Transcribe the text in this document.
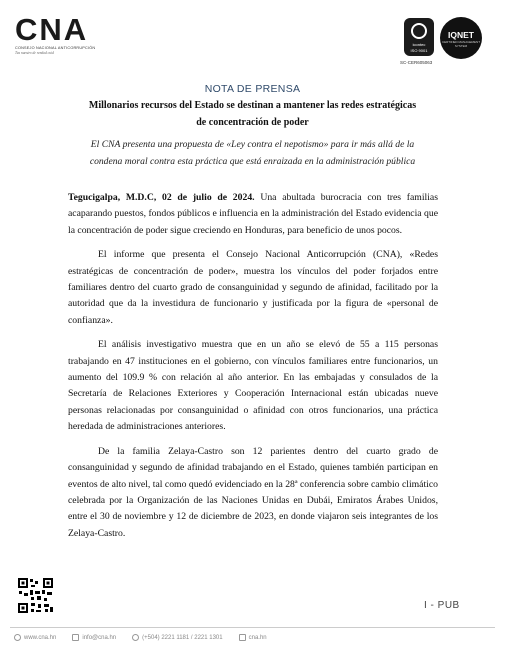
CNA
CONSEJO NACIONAL ANTICORRUPCIÓN
Tus nuestro de rendad cuid
icontec
ISO 9001
SC-CER605063
IQNET
CERTIFIED MANAGEMENT SYSTEM
NOTA DE PRENSA
Millonarios recursos del Estado se destinan a mantener las redes estratégicas
de concentración de poder
El CNA presenta una propuesta de «Ley contra el nepotismo» para ir más allá de la
condena moral contra esta práctica que está enraizada en la administración pública

Tegucigalpa, M.D.C, 02 de julio de 2024. Una abultada burocracia con tres familias acaparando puestos, fondos públicos e influencia en la administración del Estado evidencia que la concentración de poder sigue creciendo en Honduras, para beneficio de unos pocos.

El informe que presenta el Consejo Nacional Anticorrupción (CNA), «Redes estratégicas de concentración de poder», muestra los vínculos del poder forjados entre familiares dentro del cuarto grado de consanguinidad y segundo de afinidad, facilitado por la autoridad que da la investidura de funcionario y justificada por la figura de «personal de confianza».

El análisis investigativo muestra que en un año se elevó de 55 a 115 personas trabajando en 47 instituciones en el gobierno, con vínculos familiares entre funcionarios, un aumento del 109.9 % con relación al año anterior. En las embajadas y consulados de la Secretaría de Relaciones Exteriores y Cooperación Internacional están ubicadas nueve personas relacionadas por consanguinidad o afinidad con otros funcionarios, una práctica heredada de administraciones anteriores.

De la familia Zelaya-Castro son 12 parientes dentro del cuarto grado de consanguinidad y segundo de afinidad trabajando en el Estado, quienes también participan en eventos de alto nivel, tal como quedó evidenciado en la 28ª conferencia sobre cambio climático celebrada por la Organización de las Naciones Unidas en Dubái, Emiratos Árabes Unidos, entre el 30 de noviembre y 12 de diciembre de 2023, en donde viajaron seis integrantes de los Zelaya-Castro.

I - PUB
www.cna.hn	info@cna.hn	(+504) 2221 1181 / 2221 1301	cna.hn
